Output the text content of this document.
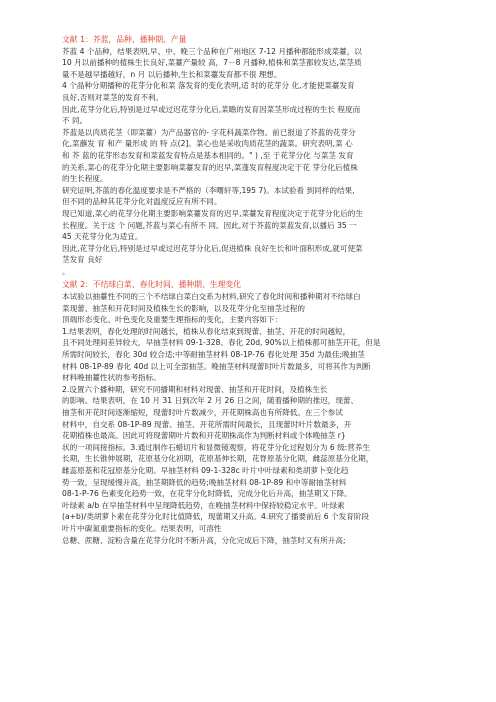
文献 1：芥蓝，品种、播种期、产量
芥蓝 4 个品种，结果表明,早、中、晚三个品种在广州地区 7-12 月播种都能形成菜薹，以
10 月以前播种的植株生长良好,菜薹产量较 高，7－8 月播种,植株和菜茎都较发达,菜茎质
量不是越早播越好，n 月 以后播种,生长和菜薹发育都不很 理想。
4 个晶种分期播种的花芽分化和菜 落发育的变化表明,适 时的花芽分 化,才能使菜薹发育
良好,否则对菜茎的发育不利。
因此,花芽分化后,特别是过早或过迟花芽分化后,菜瞻的发育因菜茎形成过程的生长 程度而
不 同。
芥蓝是以肉质花茎（即菜薹）为产品器官的- 字花科蔬菜作物。前已报道了芥蓝的花芽分
化,菜蘸发 育 和产 量形成 的 特 点(2]。菜心也是采收肉质花茎的蔬菜。研究表明,菜 心
和 芥 蓝的花芽形态发育和菜蓝发育特点是基本相同的。" ) ,至 于花芽分化 与菜茎 发育
的关系,菜心的花芽分化期主要影响菜薹发育的迟早,菜蓬发育程度决定于花 芽分化后植株
的生长程度。
研究证明,芥蓝的春化温度要求是不严格的（李曙轩等,195 7)。本试验看 到同样的结果,
但不同的品种其花芽分化对温度反应有所不同。
现已知道,菜心的花芽分化期主要影响菜薹发育的迟早,菜薹发育程度决定于花芽分化后的生
长程度。关于这 个 问题,芥蓝与菜心有所不 同。因此,对于芥蓝的菜蓝发育,以播后 35 一
45 天花芽分化为适宜。
因此,花芽分化后,特别是过早或过迟花芽分化后,促进植株 良好生长和叶面积形成,就可使菜
茎发育 良好
。
文献 2：不结球白菜、春化时间、播种期、生理变化
本试验以抽薹性不同的三个不结球白菜白交系为材料,研究了春化时间和播种期对不结球白
菜现蕾、抽茎和开花时间及植株生长的影响，以及花芽分化至抽茎过程的
顶端形态变化、叶色变化及重要生理指标的变化，主要内容如下：
1.结果表明，春化处理的时间越长，植株从春化结束到现蕾、抽茎、开花的时间越短，
且不同处理间差异较大，早抽茎材料 09-1-328、春化 20d, 90%以上植株都可抽茎开花，但是
所需时间较长，春化 30d 较合适;中等耐抽茎材料 08-1P-76 春化处理 35d 为最佳;晚抽茎
材料 08-1P-89 春化 40d 以上可全部抽茎。晚抽茎材料现蕾时叶片数最多，可将其作为判断
材料晚抽薹性状的参考指标。
2.设置六个播种期，研究不同播期和材料对现蕾、抽茎和开花时间，及植株生长
的影响。结果表明，在 10 月 31 日到次年 2 月 26 日之间，随着播种期的推迟，现蕾、
抽茎和开花时间逐渐缩短，现蕾时叶片数减少，开花期株高也有所降低。在三个参试
材料中，自交系 08-1P-89 现蕾、抽茎、开花所需时间最长，且现蕾时叶片数最多，开
花期植株也最高。因此可将现蕾期叶片数和开花期株高作为判断材料或个体晚抽茎 r}
状的一项间接指标。3.通过制作石蜡切片和显微镜观察，将花芽分化过程划分为 6 级:营养生
长期，生长锥伸展期，花原基分化初期，花原基伸长期，花脊原基分化期，雌蕊原基分化期，
雌蕊原基和花冠原基分化期。早抽茎材料 09-1-328c 叶片中叶绿素和类胡萝卜变化趋
势一致，呈现缓慢升高，抽茎期降低的趋势;晚抽茎材料 08-1P-89 和中等耐抽茎材料
08-1-P-76 色素变化趋势一致，在花芽分化时降低，完成分化后升高，抽茎期又下降。
叶绿素 a/b 在早抽茎材料中呈现降低趋势，在晚抽茎材料中保持较稳定水平。叶绿素
(a+b)/类胡萝卜素在花芽分化时比值降低，现蕾期又升高。4.研究了播要前后 6 个发育阶段
叶片中碳氮重要指标的变化。结果表明，可溶性
总糖、蔗糖、淀粉含量在花芽分化时不断升高，分化完成后下降，抽茎时又有所升高;
